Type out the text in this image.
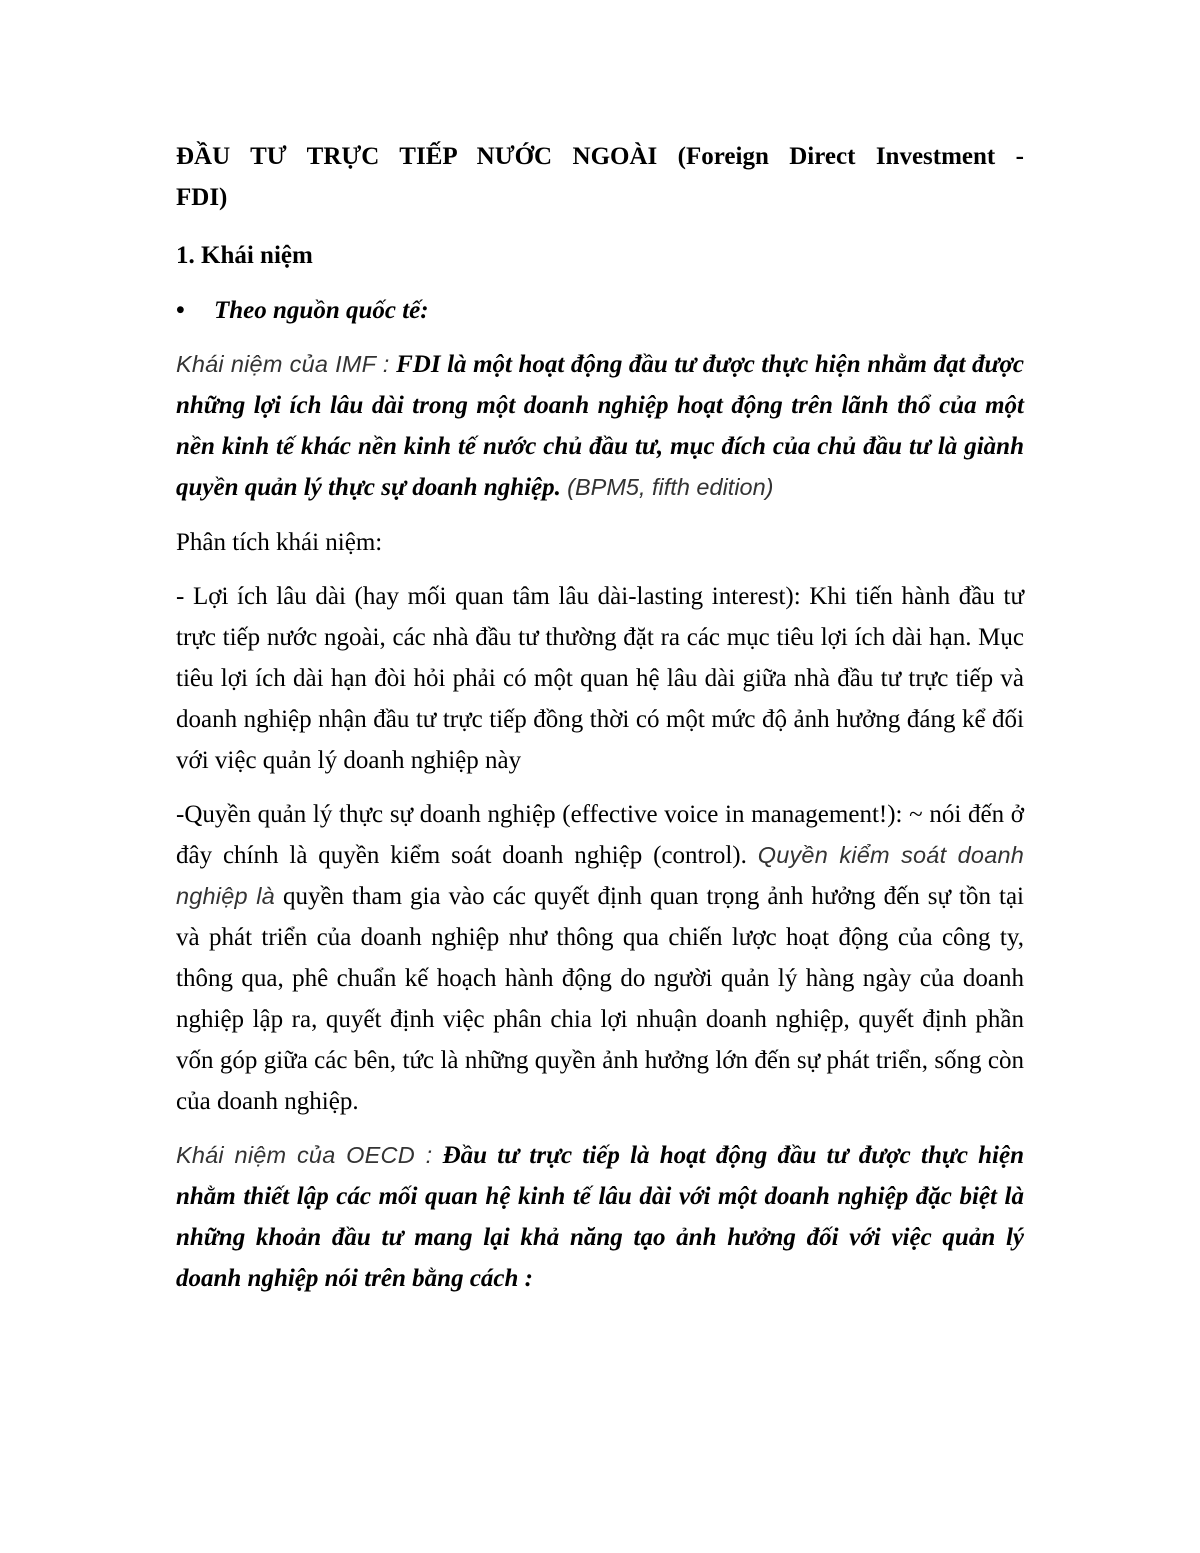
ĐẦU TƯ TRỰC TIẾP NƯỚC NGOÀI (Foreign Direct Investment -
FDI)

1. Khái niệm

• Theo nguồn quốc tế:

Khái niệm của IMF : FDI là một hoạt động đầu tư được thực hiện nhằm đạt được những lợi ích lâu dài trong một doanh nghiệp hoạt động trên lãnh thổ của một nền kinh tế khác nền kinh tế nước chủ đầu tư, mục đích của chủ đầu tư là giành quyền quản lý thực sự doanh nghiệp. (BPM5, fifth edition)

Phân tích khái niệm:

- Lợi ích lâu dài (hay mối quan tâm lâu dài-lasting interest): Khi tiến hành đầu tư trực tiếp nước ngoài, các nhà đầu tư thường đặt ra các mục tiêu lợi ích dài hạn. Mục tiêu lợi ích dài hạn đòi hỏi phải có một quan hệ lâu dài giữa nhà đầu tư trực tiếp và doanh nghiệp nhận đầu tư trực tiếp đồng thời có một mức độ ảnh hưởng đáng kể đối với việc quản lý doanh nghiệp này

-Quyền quản lý thực sự doanh nghiệp (effective voice in management!): ~ nói đến ở đây chính là quyền kiểm soát doanh nghiệp (control). Quyền kiểm soát doanh nghiệp là quyền tham gia vào các quyết định quan trọng ảnh hưởng đến sự tồn tại và phát triển của doanh nghiệp như thông qua chiến lược hoạt động của công ty, thông qua, phê chuẩn kế hoạch hành động do người quản lý hàng ngày của doanh nghiệp lập ra, quyết định việc phân chia lợi nhuận doanh nghiệp, quyết định phần vốn góp giữa các bên, tức là những quyền ảnh hưởng lớn đến sự phát triển, sống còn của doanh nghiệp.

Khái niệm của OECD : Đầu tư trực tiếp là hoạt động đầu tư được thực hiện nhằm thiết lập các mối quan hệ kinh tế lâu dài với một doanh nghiệp đặc biệt là những khoản đầu tư mang lại khả năng tạo ảnh hưởng đối với việc quản lý doanh nghiệp nói trên bằng cách :
